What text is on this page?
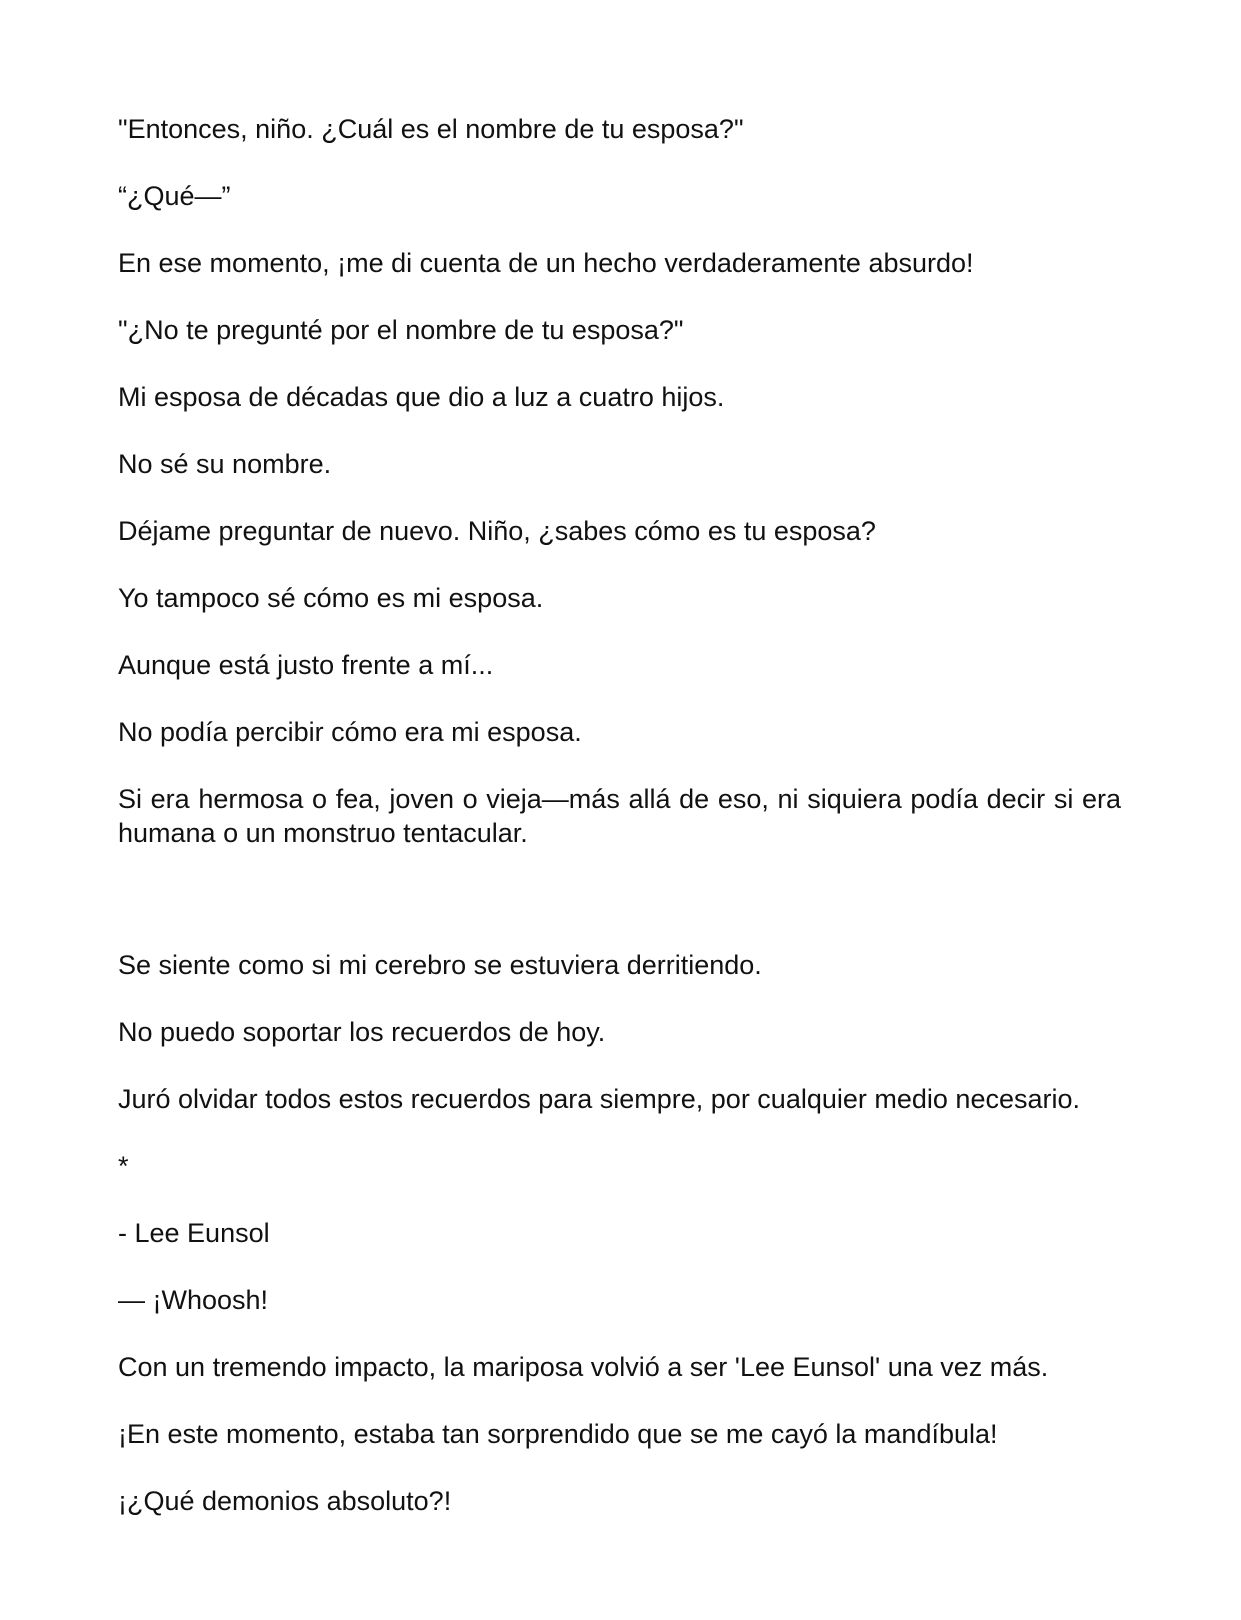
"Entonces, niño. ¿Cuál es el nombre de tu esposa?"

“¿Qué—”

En ese momento, ¡me di cuenta de un hecho verdaderamente absurdo!

"¿No te pregunté por el nombre de tu esposa?"

Mi esposa de décadas que dio a luz a cuatro hijos.

No sé su nombre.

Déjame preguntar de nuevo. Niño, ¿sabes cómo es tu esposa?

Yo tampoco sé cómo es mi esposa.

Aunque está justo frente a mí...

No podía percibir cómo era mi esposa.

Si era hermosa o fea, joven o vieja—más allá de eso, ni siquiera podía decir si era humana o un monstruo tentacular.

Se siente como si mi cerebro se estuviera derritiendo.

No puedo soportar los recuerdos de hoy.

Juró olvidar todos estos recuerdos para siempre, por cualquier medio necesario.

*

- Lee Eunsol

— ¡Whoosh!

Con un tremendo impacto, la mariposa volvió a ser 'Lee Eunsol' una vez más.

¡En este momento, estaba tan sorprendido que se me cayó la mandíbula!

¡¿Qué demonios absoluto?!
